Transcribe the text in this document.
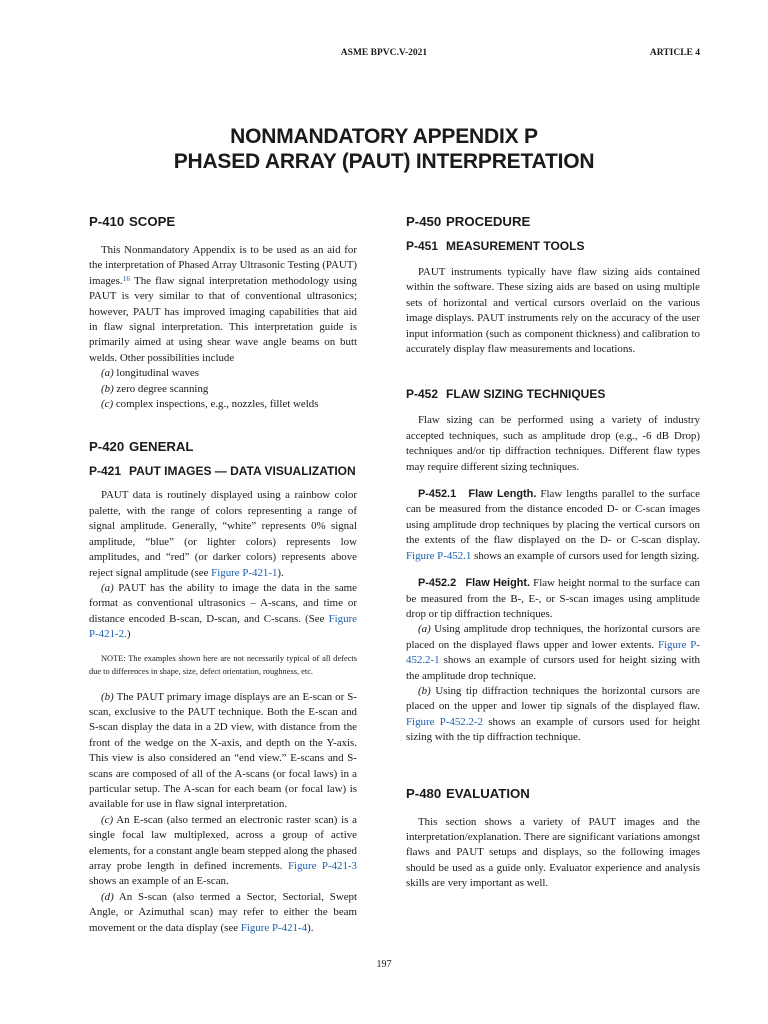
ASME BPVC.V-2021	ARTICLE 4
NONMANDATORY APPENDIX P
PHASED ARRAY (PAUT) INTERPRETATION
P-410 SCOPE

This Nonmandatory Appendix is to be used as an aid for the interpretation of Phased Array Ultrasonic Testing (PAUT) images.$^{16}$ The flaw signal interpretation methodology using PAUT is very similar to that of conventional ultrasonics; however, PAUT has improved imaging capabilities that aid in flaw signal interpretation. This interpretation guide is primarily aimed at using shear wave angle beams on butt welds. Other possibilities include

(a) longitudinal waves
(b) zero degree scanning
(c) complex inspections, e.g., nozzles, fillet welds
P-420 GENERAL
P-421 PAUT IMAGES — DATA VISUALIZATION

PAUT data is routinely displayed using a rainbow color palette, with the range of colors representing a range of signal amplitude. Generally, “white” represents 0% signal amplitude, “blue” (or lighter colors) represents low amplitudes, and “red” (or darker colors) represents above reject signal amplitude (see Figure P-421-1).

(a) PAUT has the ability to image the data in the same format as conventional ultrasonics – A-scans, and time or distance encoded B-scan, D-scan, and C-scans. (See Figure P-421-2.)

NOTE: The examples shown here are not necessarily typical of all defects due to differences in shape, size, defect orientation, roughness, etc.

(b) The PAUT primary image displays are an E-scan or S-scan, exclusive to the PAUT technique. Both the E-scan and S-scan display the data in a 2D view, with distance from the front of the wedge on the X-axis, and depth on the Y-axis. This view is also considered an “end view.” E-scans and S-scans are composed of all of the A-scans (or focal laws) in a particular setup. The A-scan for each beam (or focal law) is available for use in flaw signal interpretation.

(c) An E-scan (also termed an electronic raster scan) is a single focal law multiplexed, across a group of active elements, for a constant angle beam stepped along the phased array probe length in defined increments. Figure P-421-3 shows an example of an E-scan.

(d) An S-scan (also termed a Sector, Sectorial, Swept Angle, or Azimuthal scan) may refer to either the beam movement or the data display (see Figure P-421-4).

P-450 PROCEDURE
P-451 MEASUREMENT TOOLS

PAUT instruments typically have flaw sizing aids contained within the software. These sizing aids are based on using multiple sets of horizontal and vertical cursors overlaid on the various image displays. PAUT instruments rely on the accuracy of the user input information (such as component thickness) and calibration to accurately display flaw measurements and locations.

P-452 FLAW SIZING TECHNIQUES

Flaw sizing can be performed using a variety of industry accepted techniques, such as amplitude drop (e.g., -6 dB Drop) techniques and/or tip diffraction techniques. Different flaw types may require different sizing techniques.

P-452.1 Flaw Length. Flaw lengths parallel to the surface can be measured from the distance encoded D- or C-scan images using amplitude drop techniques by placing the vertical cursors on the extents of the flaw displayed on the D- or C-scan display. Figure P-452.1 shows an example of cursors used for length sizing.

P-452.2 Flaw Height. Flaw height normal to the surface can be measured from the B-, E-, or S-scan images using amplitude drop or tip diffraction techniques.

(a) Using amplitude drop techniques, the horizontal cursors are placed on the displayed flaws upper and lower extents. Figure P-452.2-1 shows an example of cursors used for height sizing with the amplitude drop technique.

(b) Using tip diffraction techniques the horizontal cursors are placed on the upper and lower tip signals of the displayed flaw. Figure P-452.2-2 shows an example of cursors used for height sizing with the tip diffraction technique.

P-480 EVALUATION

This section shows a variety of PAUT images and the interpretation/explanation. There are significant variations amongst flaws and PAUT setups and displays, so the following images should be used as a guide only. Evaluator experience and analysis skills are very important as well.

197
